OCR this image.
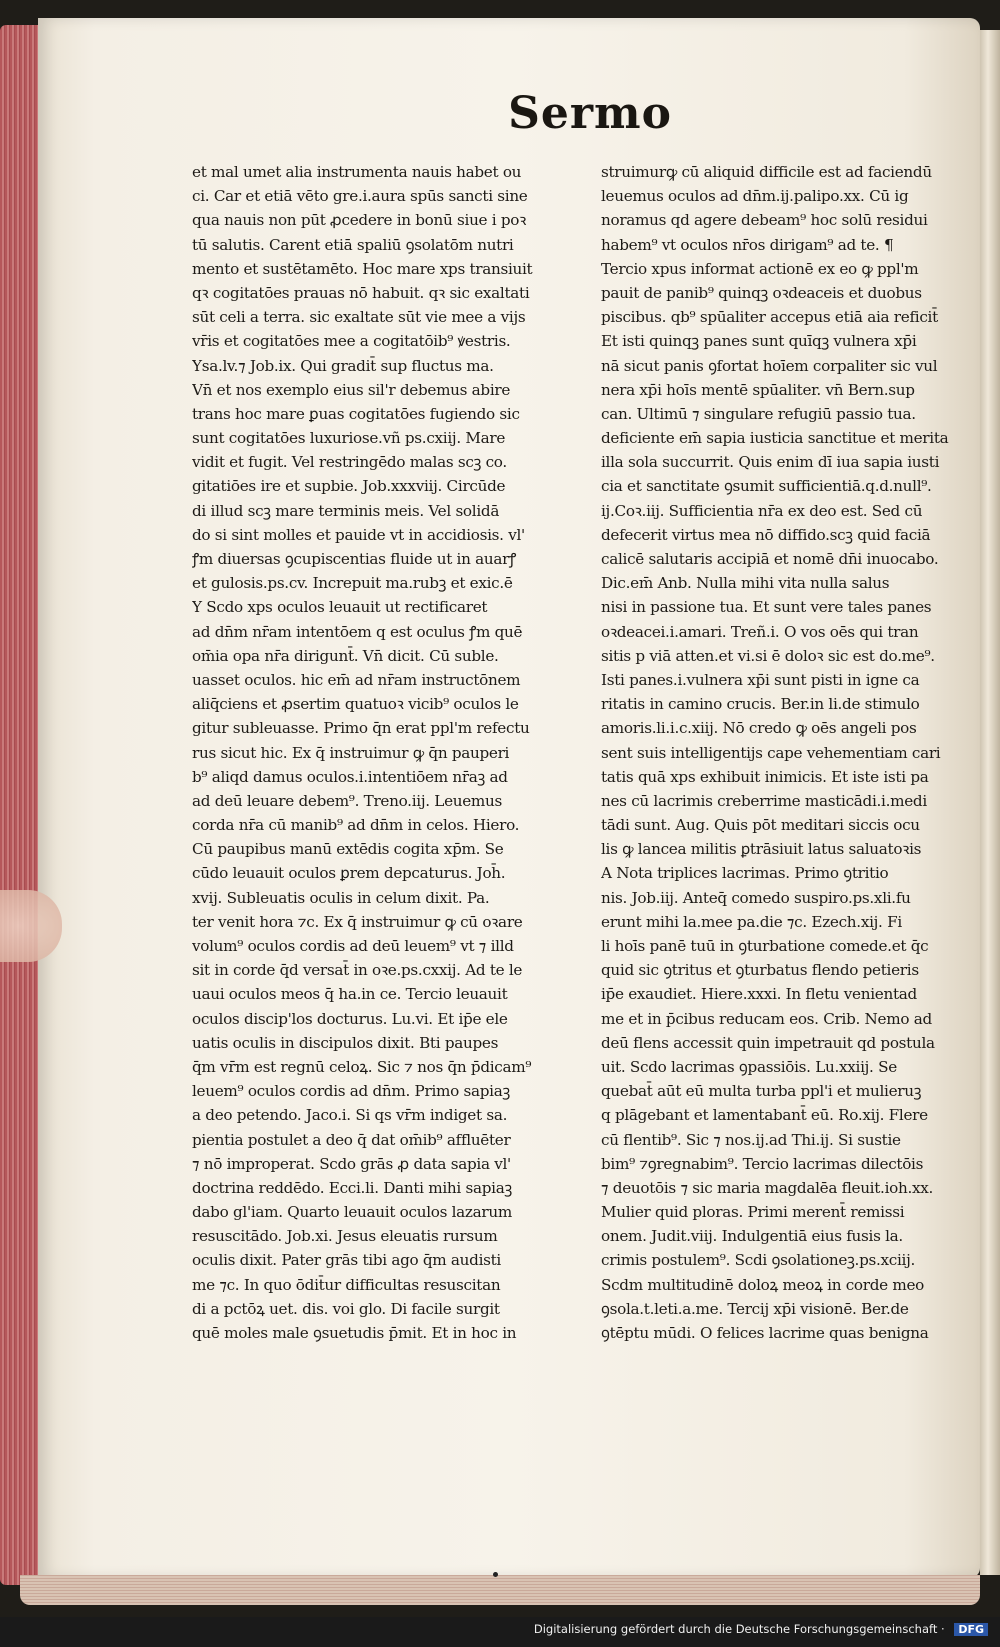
Sermo
et mal umet alia instrumenta nauis habet ou
ci. Car et etiā vēto gre.i.aura spūs sancti sine
qua nauis non pūt ꝓcedere in bonū siue i poꝛ
tū salutis. Carent etiā spaliū ꝯsolatōm nutri
mento et sustētamēto. Hoc mare xps transiuit
qꝛ cogitatōes prauas nō habuit. qꝛ sic exaltati
sūt celi a terra. sic exaltate sūt vie mee a vijs
vr̄is et cogitatōes mee a cogitatōib⁹ ꝟestris.
Ysa.lv.⁊ Job.ix. Qui gradit̄ sup fluctus ma.
Vn̄ et nos exemplo eius sil'r debemus abire
trans hoc mare ꝑuas cogitatōes fugiendo sic
sunt cogitatōes luxuriose.vñ ps.cxiij. Mare
vidit et fugit. Vel restringēdo malas scꝫ co.
gitatiōes ire et supbie. Job.xxxviij. Circūde
di illud scꝫ mare terminis meis. Vel solidā
do si sint molles et pauide vt in accidiosis. vl'
ꝭm diuersas ꝯcupiscentias fluide ut in auarꝭ
et gulosis.ps.cv. Increpuit ma.rubꝫ et exic.ē
Y Scdo xps oculos leuauit ut rectificaret
ad dn̄m nr̄am intentōem q est oculus ꝭm quē
om̄ia opa nr̄a dirigunt̄. Vn̄ dicit. Cū suble.
uasset oculos. hic em̄ ad nr̄am instructōnem
aliq̄ciens et ꝓsertim quatuoꝛ vicib⁹ oculos le
gitur subleuasse. Primo q̄n erat ppl'm refectu
rus sicut hic. Ex q̄ instruimur ꝙ q̄n pauperi
b⁹ aliqd damus oculos.i.intentiōem nr̄aꝫ ad
ad deū leuare debem⁹. Treno.iij. Leuemus
corda nr̄a cū manib⁹ ad dn̄m in celos. Hiero.
Cū paupibus manū extēdis cogita xp̄m. Se
cūdo leuauit oculos ꝑrem depcaturus. Joh̄.
xvij. Subleuatis oculis in celum dixit. Pa.
ter venit hora ⁊c. Ex q̄ instruimur ꝙ cū oꝛare
volum⁹ oculos cordis ad deū leuem⁹ vt ⁊ illd
sit in corde q̄d versat̄ in oꝛe.ps.cxxij. Ad te le
uaui oculos meos q̄ ha.in ce. Tercio leuauit
oculos discip'los docturus. Lu.vi. Et ip̄e ele
uatis oculis in discipulos dixit. Bti paupes
q̄m vr̄m est regnū celoꝝ. Sic ⁊ nos q̄n p̄dicam⁹
leuem⁹ oculos cordis ad dn̄m. Primo sapiaꝫ
a deo petendo. Jaco.i. Si qs vr̄m indiget sa.
pientia postulet a deo q̄ dat om̄ib⁹ affluēter
⁊ nō improperat. Scdo grās ꝓ data sapia vl'
doctrina reddēdo. Ecci.li. Danti mihi sapiaꝫ
dabo gl'iam. Quarto leuauit oculos lazarum
resuscitādo. Job.xi. Jesus eleuatis rursum
oculis dixit. Pater grās tibi ago q̄m audisti
me ⁊c. In quo ōdit̄ur difficultas resuscitan
di a pctōꝝ uet. dis. voi glo. Di facile surgit
quē moles male ꝯsuetudis p̄mit. Et in hoc in
struimurꝙ cū aliquid difficile est ad faciendū
leuemus oculos ad dn̄m.ij.palipo.xx. Cū ig
noramus qd agere debeam⁹ hoc solū residui
habem⁹ vt oculos nr̄os dirigam⁹ ad te. ¶
Tercio xpus informat actionē ex eo ꝙ ppl'm
pauit de panib⁹ quinqꝫ oꝛdeaceis et duobus
piscibus. qb⁹ spūaliter accepus etiā aia reficit̄
Et isti quinqꝫ panes sunt quīqꝫ vulnera xp̄i
nā sicut panis ꝯfortat hoīem corpaliter sic vul
nera xp̄i hoīs mentē spūaliter. vn̄ Bern.sup
can. Ultimū ⁊ singulare refugiū passio tua.
deficiente em̄ sapia iusticia sanctitue et merita
illa sola succurrit. Quis enim dī iua sapia iusti
cia et sanctitate ꝯsumit sufficientiā.q.d.null⁹.
ij.Coꝛ.iij. Sufficientia nr̄a ex deo est. Sed cū
defecerit virtus mea nō diffido.scꝫ quid faciā
calicē salutaris accipiā et nomē dn̄i inuocabo.
Dic.em̄ Anb. Nulla mihi vita nulla salus
nisi in passione tua. Et sunt vere tales panes
oꝛdeacei.i.amari. Treñ.i. O vos oēs qui tran
sitis p viā atten.et vi.si ē doloꝛ sic est do.me⁹.
Isti panes.i.vulnera xp̄i sunt pisti in igne ca
ritatis in camino crucis. Ber.in li.de stimulo
amoris.li.i.c.xiij. Nō credo ꝙ oēs angeli pos
sent suis intelligentijs cape vehementiam cari
tatis quā xps exhibuit inimicis. Et iste isti pa
nes cū lacrimis creberrime masticādi.i.medi
tādi sunt. Aug. Quis pōt meditari siccis ocu
lis ꝙ lancea militis ꝑtrāsiuit latus saluatoꝛis
A Nota triplices lacrimas. Primo ꝯtritio
nis. Job.iij. Anteq̄ comedo suspiro.ps.xli.fu
erunt mihi la.mee pa.die ⁊c. Ezech.xij. Fi
li hoīs panē tuū in ꝯturbatione comede.et q̄c
quid sic ꝯtritus et ꝯturbatus flendo petieris
ip̄e exaudiet. Hiere.xxxi. In fletu venientad
me et in p̄cibus reducam eos. Crib. Nemo ad
deū flens accessit quin impetrauit qd postula
uit. Scdo lacrimas ꝯpassiōis. Lu.xxiij. Se
quebat̄ aūt eū multa turba ppl'i et mulieruꝫ
q plāgebant et lamentabant̄ eū. Ro.xij. Flere
cū flentib⁹. Sic ⁊ nos.ij.ad Thi.ij. Si sustie
bim⁹ ⁊ꝯregnabim⁹. Tercio lacrimas dilectōis
⁊ deuotōis ⁊ sic maria magdalēa fleuit.ioh.xx.
Mulier quid ploras. Primi merent̄ remissi
onem. Judit.viij. Indulgentiā eius fusis la.
crimis postulem⁹. Scdi ꝯsolationeꝫ.ps.xciij.
Scdm multitudinē doloꝝ meoꝝ in corde meo
ꝯsola.t.leti.a.me. Tercij xp̄i visionē. Ber.de
ꝯtēptu mūdi. O felices lacrime quas benigna
Digitalisierung gefördert durch die Deutsche Forschungsgemeinschaft · DFG
